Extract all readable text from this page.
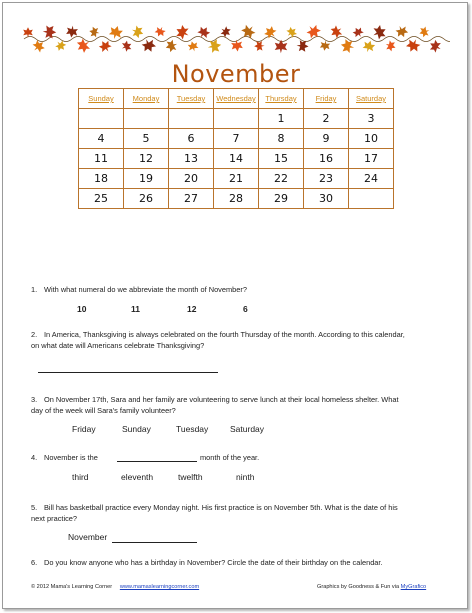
November
Sunday	Monday	Tuesday	Wednesday	Thursday	Friday	Saturday
				1	2	3
4	5	6	7	8	9	10
11	12	13	14	15	16	17
18	19	20	21	22	23	24
25	26	27	28	29	30	
1. With what numeral do we abbreviate the month of November?
10	11	12	6
2. In America, Thanksgiving is always celebrated on the fourth Thursday of the month. According to this calendar,
on what date will Americans celebrate Thanksgiving?
3. On November 17th, Sara and her family are volunteering to serve lunch at their local homeless shelter. What
day of the week will Sara's family volunteer?
Friday	Sunday	Tuesday	Saturday
4. November is the	month of the year.
third	eleventh	twelfth	ninth
5. Bill has basketball practice every Monday night. His first practice is on November 5th. What is the date of his
next practice?
November
6. Do you know anyone who has a birthday in November? Circle the date of their birthday on the calendar.
© 2012 Mama's Learning Corner www.mamaslearningcorner.com	Graphics by Goodness & Fun via MyGrafico
